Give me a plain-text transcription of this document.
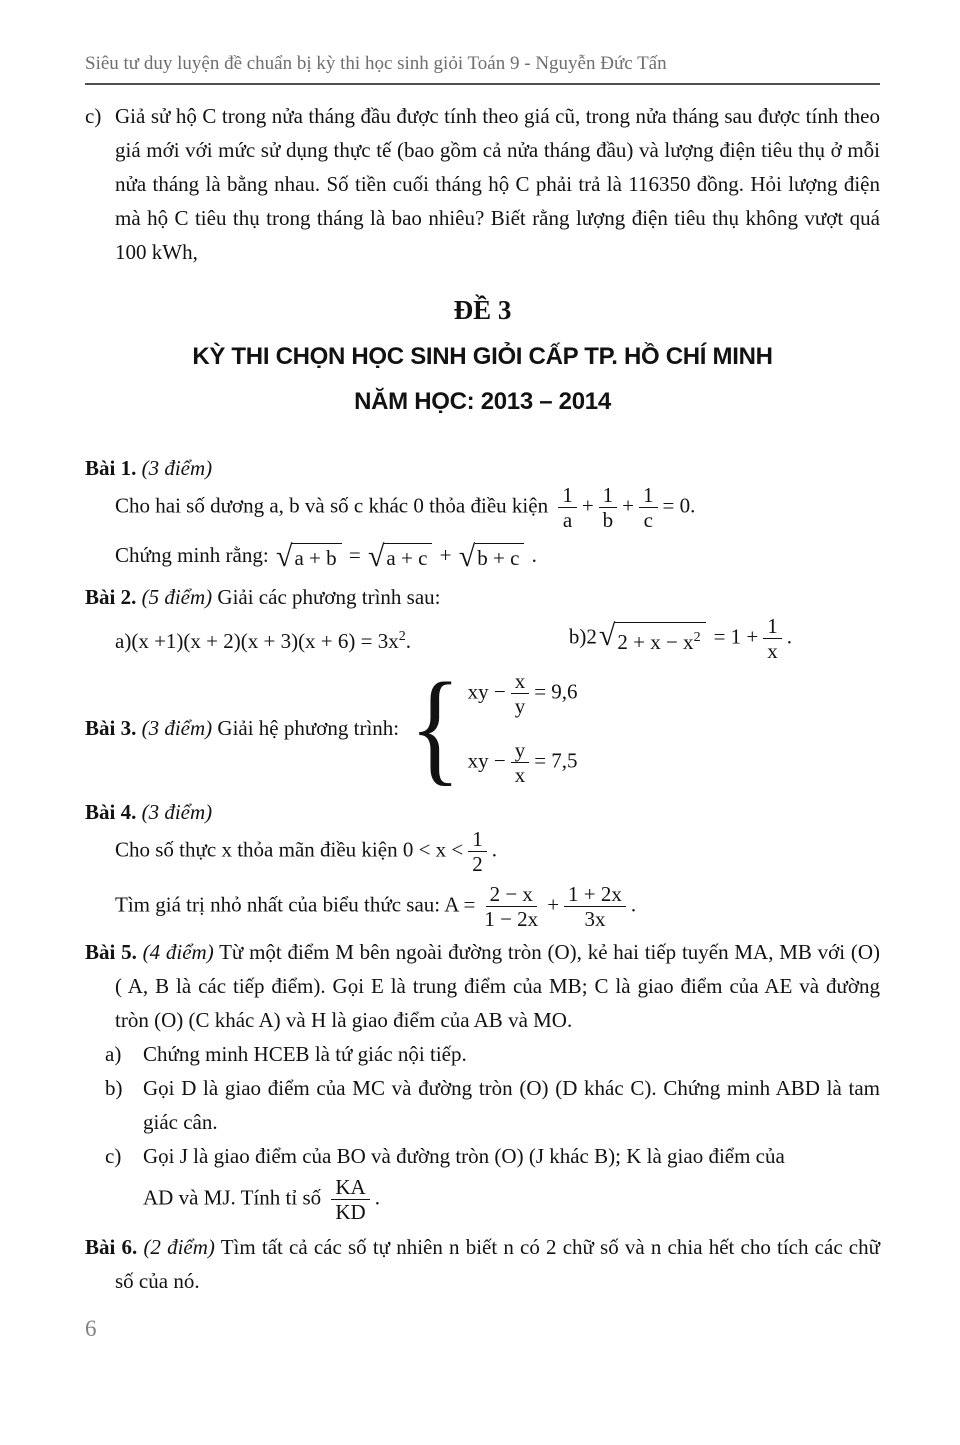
Siêu tư duy luyện đề chuẩn bị kỳ thi học sinh giỏi Toán 9 - Nguyễn Đức Tấn
c) Giả sử hộ C trong nửa tháng đầu được tính theo giá cũ, trong nửa tháng sau được tính theo giá mới với mức sử dụng thực tế (bao gồm cả nửa tháng đầu) và lượng điện tiêu thụ ở mỗi nửa tháng là bằng nhau. Số tiền cuối tháng hộ C phải trả là 116350 đồng. Hỏi lượng điện mà hộ C tiêu thụ trong tháng là bao nhiêu? Biết rằng lượng điện tiêu thụ không vượt quá 100 kWh,
ĐỀ 3
KỲ THI CHỌN HỌC SINH GIỎI CẤP TP. HỒ CHÍ MINH
NĂM HỌC: 2013 – 2014
Bài 1. (3 điểm)
Cho hai số dương a, b và số c khác 0 thỏa điều kiện $\frac{1}{a} + \frac{1}{b} + \frac{1}{c} = 0$.
Chứng minh rằng: √ a + b = √ a + c + √ b + c .
Bài 2. (5 điểm) Giải các phương trình sau:
$a)(x +1)(x + 2)(x + 3)(x + 6) = 3x^2$.	b)2 √ $2 + x - x^2 = 1 + \frac{1}{x}$ .
Bài 3. (3 điểm) Giải hệ phương trình: { xy − $\frac{x}{y} = 9,6$
xy − $\frac{y}{x} = 7,5$
Bài 4. (3 điểm)
Cho số thực x thỏa mãn điều kiện $0 < x < \frac{1}{2}$ .
Tìm giá trị nhỏ nhất của biểu thức sau: $A = \frac{2 - x}{1 - 2x} + \frac{1 + 2x}{3x}$ .
Bài 5. (4 điểm) Từ một điểm M bên ngoài đường tròn (O), kẻ hai tiếp tuyến MA, MB với (O) ( A, B là các tiếp điểm). Gọi E là trung điểm của MB; C là giao điểm của AE và đường tròn (O) (C khác A) và H là giao điểm của AB và MO.
a)	Chứng minh HCEB là tứ giác nội tiếp.
b) Gọi D là giao điểm của MC và đường tròn (O) (D khác C). Chứng minh ABD là tam giác cân.
c)	Gọi J là giao điểm của BO và đường tròn (O) (J khác B); K là giao điểm của
AD và MJ. Tính tỉ số $\frac{KA}{KD}$ .
Bài 6. (2 điểm) Tìm tất cả các số tự nhiên n biết n có 2 chữ số và n chia hết cho tích các chữ số của nó.
6
